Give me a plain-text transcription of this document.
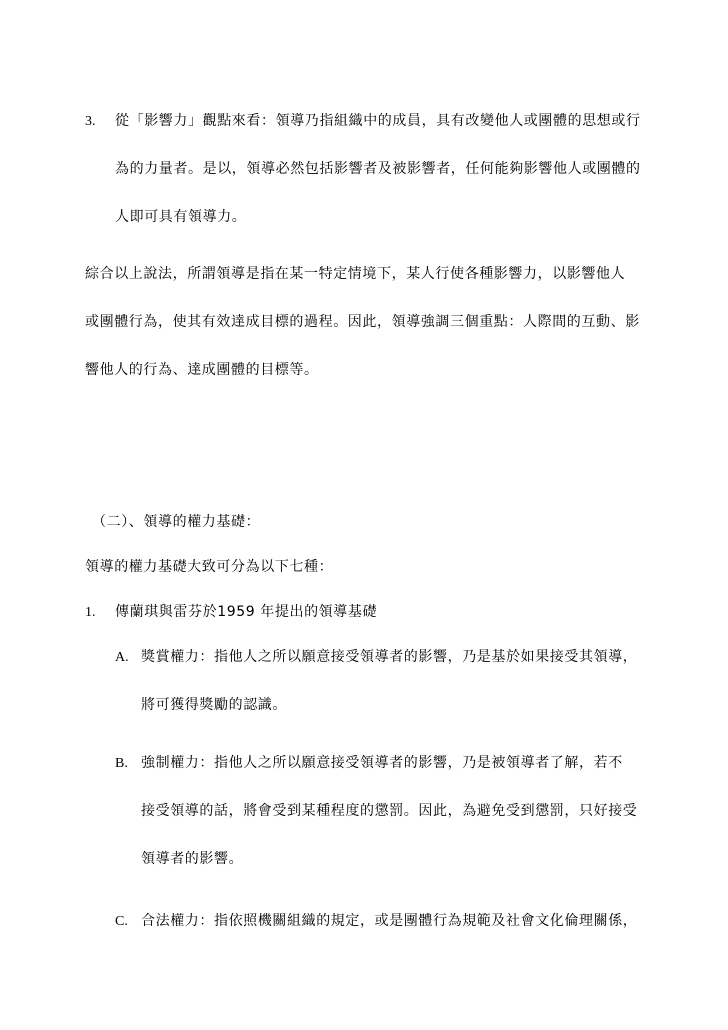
3.	從「影響力」觀點來看：領導乃指組織中的成員，具有改變他人或團體的思想或行
為的力量者。是以，領導必然包括影響者及被影響者，任何能夠影響他人或團體的
人即可具有領導力。
綜合以上說法，所謂領導是指在某一特定情境下，某人行使各種影響力，以影響他人
或團體行為，使其有效達成目標的過程。因此，領導強調三個重點：人際間的互動、影
響他人的行為、達成團體的目標等。
（二）、領導的權力基礎：
領導的權力基礎大致可分為以下七種：
1.	傳蘭琪與雷芬於1959 年提出的領導基礎
A. 獎賞權力：指他人之所以願意接受領導者的影響，乃是基於如果接受其領導，
將可獲得獎勵的認識。
B. 強制權力：指他人之所以願意接受領導者的影響，乃是被領導者了解，若不
接受領導的話，將會受到某種程度的懲罰。因此，為避免受到懲罰，只好接受
領導者的影響。
C. 合法權力：指依照機關組織的規定，或是團體行為規範及社會文化倫理關係，
